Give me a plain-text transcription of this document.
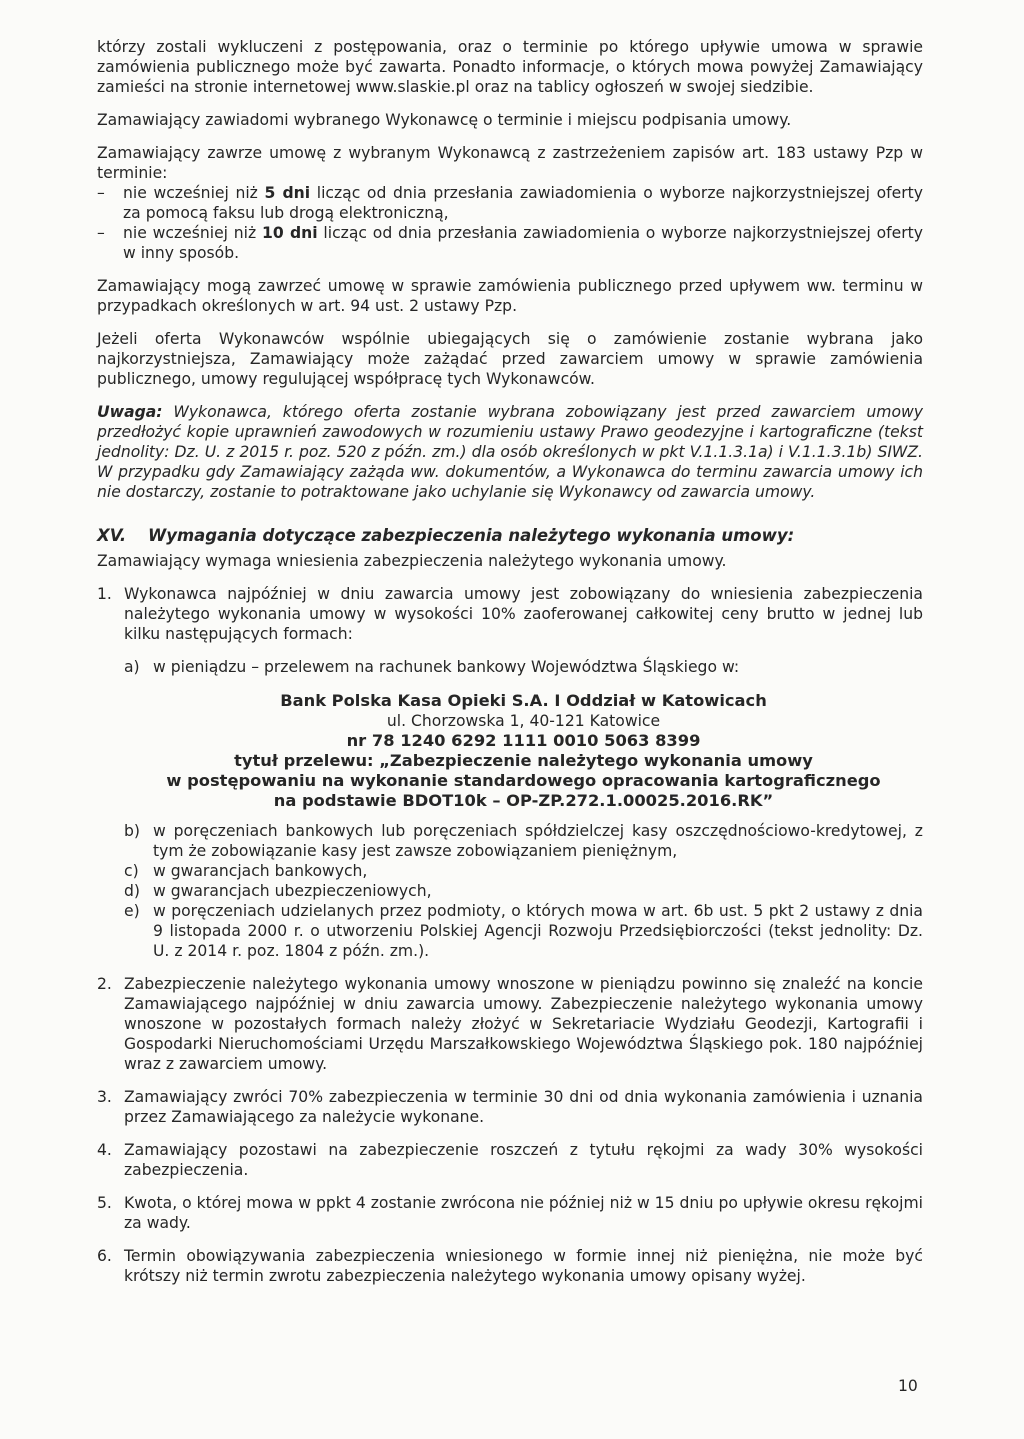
którzy zostali wykluczeni z postępowania, oraz o terminie po którego upływie umowa w sprawie zamówienia publicznego może być zawarta. Ponadto informacje, o których mowa powyżej Zamawiający zamieści na stronie internetowej www.slaskie.pl oraz na tablicy ogłoszeń w swojej siedzibie.

Zamawiający zawiadomi wybranego Wykonawcę o terminie i miejscu podpisania umowy.

Zamawiający zawrze umowę z wybranym Wykonawcą z zastrzeżeniem zapisów art. 183 ustawy Pzp w terminie:

–	nie wcześniej niż 5 dni licząc od dnia przesłania zawiadomienia o wyborze najkorzystniejszej oferty za pomocą faksu lub drogą elektroniczną,
–	nie wcześniej niż 10 dni licząc od dnia przesłania zawiadomienia o wyborze najkorzystniejszej oferty w inny sposób.

Zamawiający mogą zawrzeć umowę w sprawie zamówienia publicznego przed upływem ww. terminu w przypadkach określonych w art. 94 ust. 2 ustawy Pzp.

Jeżeli oferta Wykonawców wspólnie ubiegających się o zamówienie zostanie wybrana jako najkorzystniejsza, Zamawiający może zażądać przed zawarciem umowy w sprawie zamówienia publicznego, umowy regulującej współpracę tych Wykonawców.

Uwaga: Wykonawca, którego oferta zostanie wybrana zobowiązany jest przed zawarciem umowy przedłożyć kopie uprawnień zawodowych w rozumieniu ustawy Prawo geodezyjne i kartograficzne (tekst jednolity: Dz. U. z 2015 r. poz. 520 z późn. zm.) dla osób określonych w pkt V.1.1.3.1a) i V.1.1.3.1b) SIWZ. W przypadku gdy Zamawiający zażąda ww. dokumentów, a Wykonawca do terminu zawarcia umowy ich nie dostarczy, zostanie to potraktowane jako uchylanie się Wykonawcy od zawarcia umowy.

XV. Wymagania dotyczące zabezpieczenia należytego wykonania umowy:

Zamawiający wymaga wniesienia zabezpieczenia należytego wykonania umowy.

1. Wykonawca najpóźniej w dniu zawarcia umowy jest zobowiązany do wniesienia zabezpieczenia należytego wykonania umowy w wysokości 10% zaoferowanej całkowitej ceny brutto w jednej lub kilku następujących formach:

a) w pieniądzu – przelewem na rachunek bankowy Województwa Śląskiego w:
Bank Polska Kasa Opieki S.A. I Oddział w Katowicach
ul. Chorzowska 1, 40-121 Katowice
nr 78 1240 6292 1111 0010 5063 8399
tytuł przelewu: „Zabezpieczenie należytego wykonania umowy
w postępowaniu na wykonanie standardowego opracowania kartograficznego
na podstawie BDOT10k – OP-ZP.272.1.00025.2016.RK”
b) w poręczeniach bankowych lub poręczeniach spółdzielczej kasy oszczędnościowo-kredytowej, z tym że zobowiązanie kasy jest zawsze zobowiązaniem pieniężnym,
c) w gwarancjach bankowych,
d) w gwarancjach ubezpieczeniowych,
e) w poręczeniach udzielanych przez podmioty, o których mowa w art. 6b ust. 5 pkt 2 ustawy z dnia 9 listopada 2000 r. o utworzeniu Polskiej Agencji Rozwoju Przedsiębiorczości (tekst jednolity: Dz. U. z 2014 r. poz. 1804 z późn. zm.).
2. Zabezpieczenie należytego wykonania umowy wnoszone w pieniądzu powinno się znaleźć na koncie Zamawiającego najpóźniej w dniu zawarcia umowy. Zabezpieczenie należytego wykonania umowy wnoszone w pozostałych formach należy złożyć w Sekretariacie Wydziału Geodezji, Kartografii i Gospodarki Nieruchomościami Urzędu Marszałkowskiego Województwa Śląskiego pok. 180 najpóźniej wraz z zawarciem umowy.
3. Zamawiający zwróci 70% zabezpieczenia w terminie 30 dni od dnia wykonania zamówienia i uznania przez Zamawiającego za należycie wykonane.
4. Zamawiający pozostawi na zabezpieczenie roszczeń z tytułu rękojmi za wady 30% wysokości zabezpieczenia.
5. Kwota, o której mowa w ppkt 4 zostanie zwrócona nie później niż w 15 dniu po upływie okresu rękojmi za wady.
6. Termin obowiązywania zabezpieczenia wniesionego w formie innej niż pieniężna, nie może być krótszy niż termin zwrotu zabezpieczenia należytego wykonania umowy opisany wyżej.
10
